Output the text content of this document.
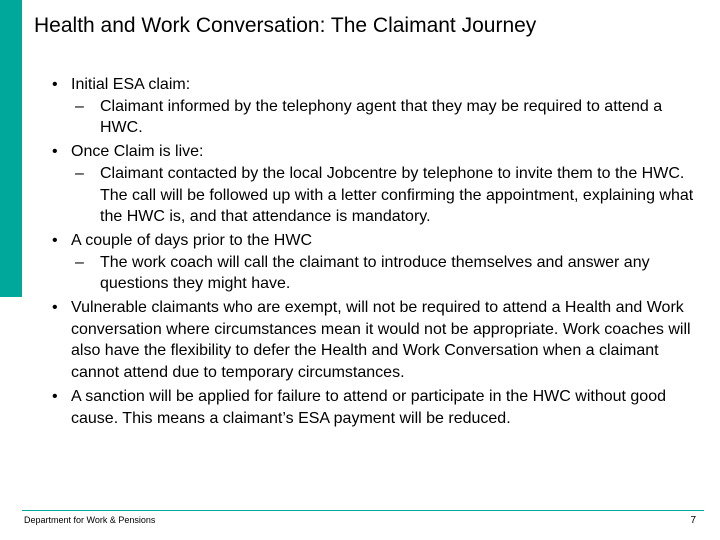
Health and Work Conversation: The Claimant Journey
• Initial ESA claim:
– Claimant informed by the telephony agent that they may be required to attend a HWC.
• Once Claim is live:
– Claimant contacted by the local Jobcentre by telephone to invite them to the HWC. The call will be followed up with a letter confirming the appointment, explaining what the HWC is, and that attendance is mandatory.
• A couple of days prior to the HWC
– The work coach will call the claimant to introduce themselves and answer any questions they might have.
• Vulnerable claimants who are exempt, will not be required to attend a Health and Work conversation where circumstances mean it would not be appropriate. Work coaches will also have the flexibility to defer the Health and Work Conversation when a claimant cannot attend due to temporary circumstances.
• A sanction will be applied for failure to attend or participate in the HWC without good cause. This means a claimant’s ESA payment will be reduced.
Department for Work & Pensions	7
